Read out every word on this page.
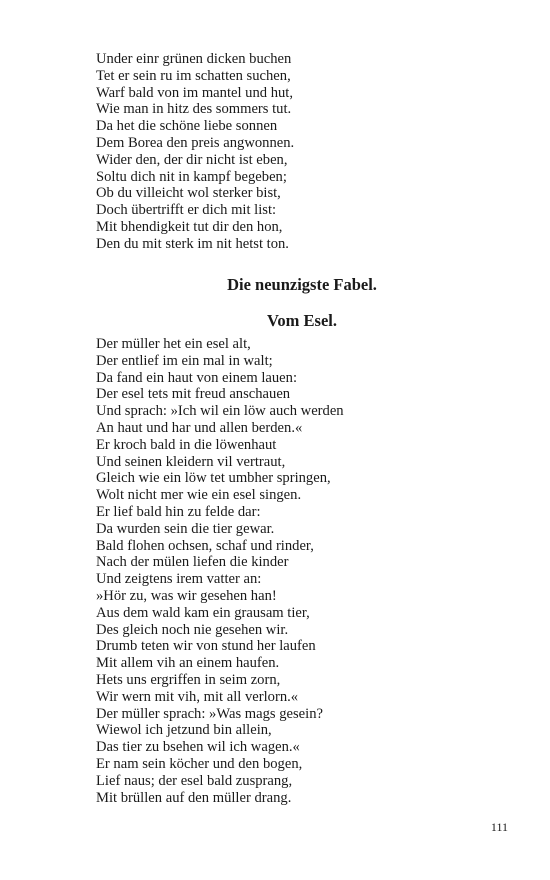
Under einr grünen dicken buchen
Tet er sein ru im schatten suchen,
Warf bald von im mantel und hut,
Wie man in hitz des sommers tut.
Da het die schöne liebe sonnen
Dem Borea den preis angwonnen.
Wider den, der dir nicht ist eben,
Soltu dich nit in kampf begeben;
Ob du villeicht wol sterker bist,
Doch übertrifft er dich mit list:
Mit bhendigkeit tut dir den hon,
Den du mit sterk im nit hetst ton.
Die neunzigste Fabel.
Vom Esel.
Der müller het ein esel alt,
Der entlief im ein mal in walt;
Da fand ein haut von einem lauen:
Der esel tets mit freud anschauen
Und sprach: »Ich wil ein löw auch werden
An haut und har und allen berden.«
Er kroch bald in die löwenhaut
Und seinen kleidern vil vertraut,
Gleich wie ein löw tet umbher springen,
Wolt nicht mer wie ein esel singen.
Er lief bald hin zu felde dar:
Da wurden sein die tier gewar.
Bald flohen ochsen, schaf und rinder,
Nach der mülen liefen die kinder
Und zeigtens irem vatter an:
»Hör zu, was wir gesehen han!
Aus dem wald kam ein grausam tier,
Des gleich noch nie gesehen wir.
Drumb teten wir von stund her laufen
Mit allem vih an einem haufen.
Hets uns ergriffen in seim zorn,
Wir wern mit vih, mit all verlorn.«
Der müller sprach: »Was mags gesein?
Wiewol ich jetzund bin allein,
Das tier zu bsehen wil ich wagen.«
Er nam sein köcher und den bogen,
Lief naus; der esel bald zusprang,
Mit brüllen auf den müller drang.
111
